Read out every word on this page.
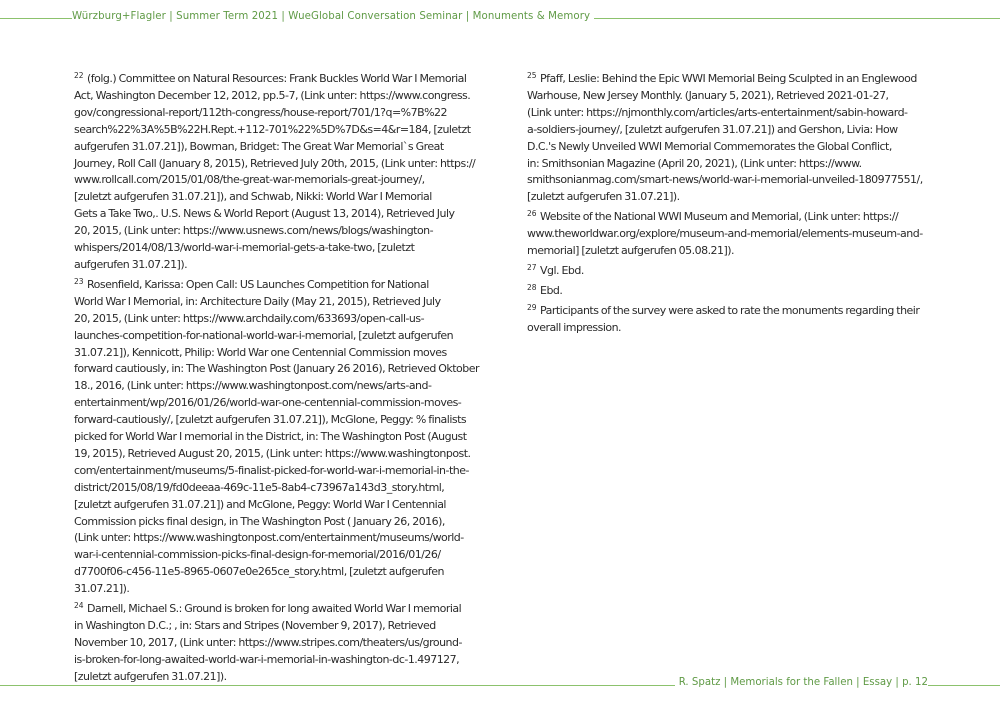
Würzburg+Flagler | Summer Term 2021 | WueGlobal Conversation Seminar | Monuments & Memory
$^{22}$ (folg.) Committee on Natural Resources: Frank Buckles World War I Memorial
Act, Washington December 12, 2012, pp.5-7, (Link unter: https://www.congress.
gov/congressional-report/112th-congress/house-report/701/1?q=%7B%22
search%22%3A%5B%22H.Rept.+112-701%22%5D%7D&s=4&r=184, [zuletzt
aufgerufen 31.07.21]), Bowman, Bridget: The Great War Memorial`s Great
Journey, Roll Call (January 8, 2015), Retrieved July 20th, 2015, (Link unter: https://
www.rollcall.com/2015/01/08/the-great-war-memorials-great-journey/,
[zuletzt aufgerufen 31.07.21]), and Schwab, Nikki: World War I Memorial
Gets a Take Two,. U.S. News & World Report (August 13, 2014), Retrieved July
20, 2015, (Link unter: https://www.usnews.com/news/blogs/washington-
whispers/2014/08/13/world-war-i-memorial-gets-a-take-two, [zuletzt
aufgerufen 31.07.21]).
$^{23}$ Rosenfield, Karissa: Open Call: US Launches Competition for National
World War I Memorial, in: Architecture Daily (May 21, 2015), Retrieved July
20, 2015, (Link unter: https://www.archdaily.com/633693/open-call-us-
launches-competition-for-national-world-war-i-memorial, [zuletzt aufgerufen
31.07.21]), Kennicott, Philip: World War one Centennial Commission moves
forward cautiously, in: The Washington Post (January 26 2016), Retrieved Oktober
18., 2016, (Link unter: https://www.washingtonpost.com/news/arts-and-
entertainment/wp/2016/01/26/world-war-one-centennial-commission-moves-
forward-cautiously/, [zuletzt aufgerufen 31.07.21]), McGlone, Peggy: % finalists
picked for World War I memorial in the District, in: The Washington Post (August
19, 2015), Retrieved August 20, 2015, (Link unter: https://www.washingtonpost.
com/entertainment/museums/5-finalist-picked-for-world-war-i-memorial-in-the-
district/2015/08/19/fd0deeaa-469c-11e5-8ab4-c73967a143d3_story.html,
[zuletzt aufgerufen 31.07.21]) and McGlone, Peggy: World War I Centennial
Commission picks final design, in The Washington Post ( January 26, 2016),
(Link unter: https://www.washingtonpost.com/entertainment/museums/world-
war-i-centennial-commission-picks-final-design-for-memorial/2016/01/26/
d7700f06-c456-11e5-8965-0607e0e265ce_story.html, [zuletzt aufgerufen
31.07.21]).
$^{24}$ Darnell, Michael S.: Ground is broken for long awaited World War I memorial
in Washington D.C.; , in: Stars and Stripes (November 9, 2017), Retrieved
November 10, 2017, (Link unter: https://www.stripes.com/theaters/us/ground-
is-broken-for-long-awaited-world-war-i-memorial-in-washington-dc-1.497127,
[zuletzt aufgerufen 31.07.21]).
$^{25}$ Pfaff, Leslie: Behind the Epic WWI Memorial Being Sculpted in an Englewood
Warhouse, New Jersey Monthly. (January 5, 2021), Retrieved 2021-01-27,
(Link unter: https://njmonthly.com/articles/arts-entertainment/sabin-howard-
a-soldiers-journey/, [zuletzt aufgerufen 31.07.21]) and Gershon, Livia: How
D.C.'s Newly Unveiled WWI Memorial Commemorates the Global Conflict,
in: Smithsonian Magazine (April 20, 2021), (Link unter: https://www.
smithsonianmag.com/smart-news/world-war-i-memorial-unveiled-180977551/,
[zuletzt aufgerufen 31.07.21]).
$^{26}$ Website of the National WWI Museum and Memorial, (Link unter: https://
www.theworldwar.org/explore/museum-and-memorial/elements-museum-and-
memorial] [zuletzt aufgerufen 05.08.21]).
$^{27}$ Vgl. Ebd.
$^{28}$ Ebd.
$^{29}$ Participants of the survey were asked to rate the monuments regarding their
overall impression.
R. Spatz | Memorials for the Fallen | Essay | p. 12
